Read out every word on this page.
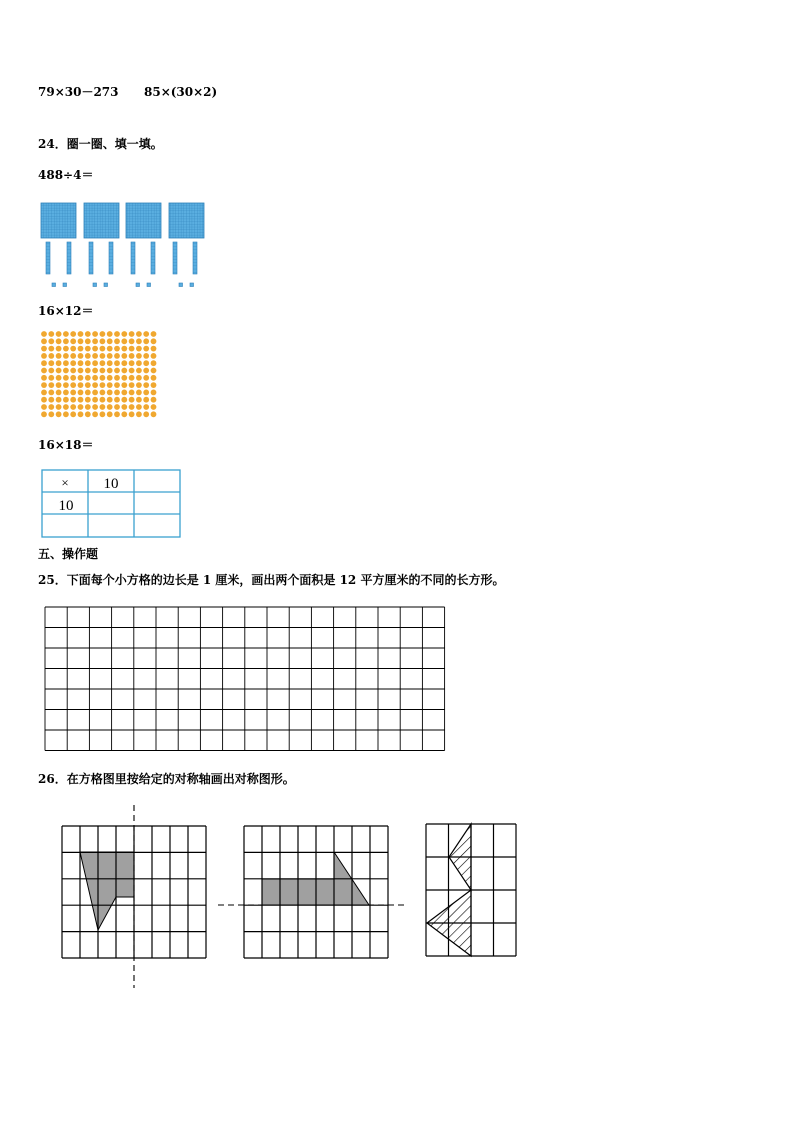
79×30－273 85×(30×2)
24．圈一圈、填一填。
488÷4＝
16×12＝
16×18＝
五、操作题
25．下面每个小方格的边长是 1 厘米，画出两个面积是 12 平方厘米的不同的长方形。
26．在方格图里按给定的对称轴画出对称图形。
× 10
10
